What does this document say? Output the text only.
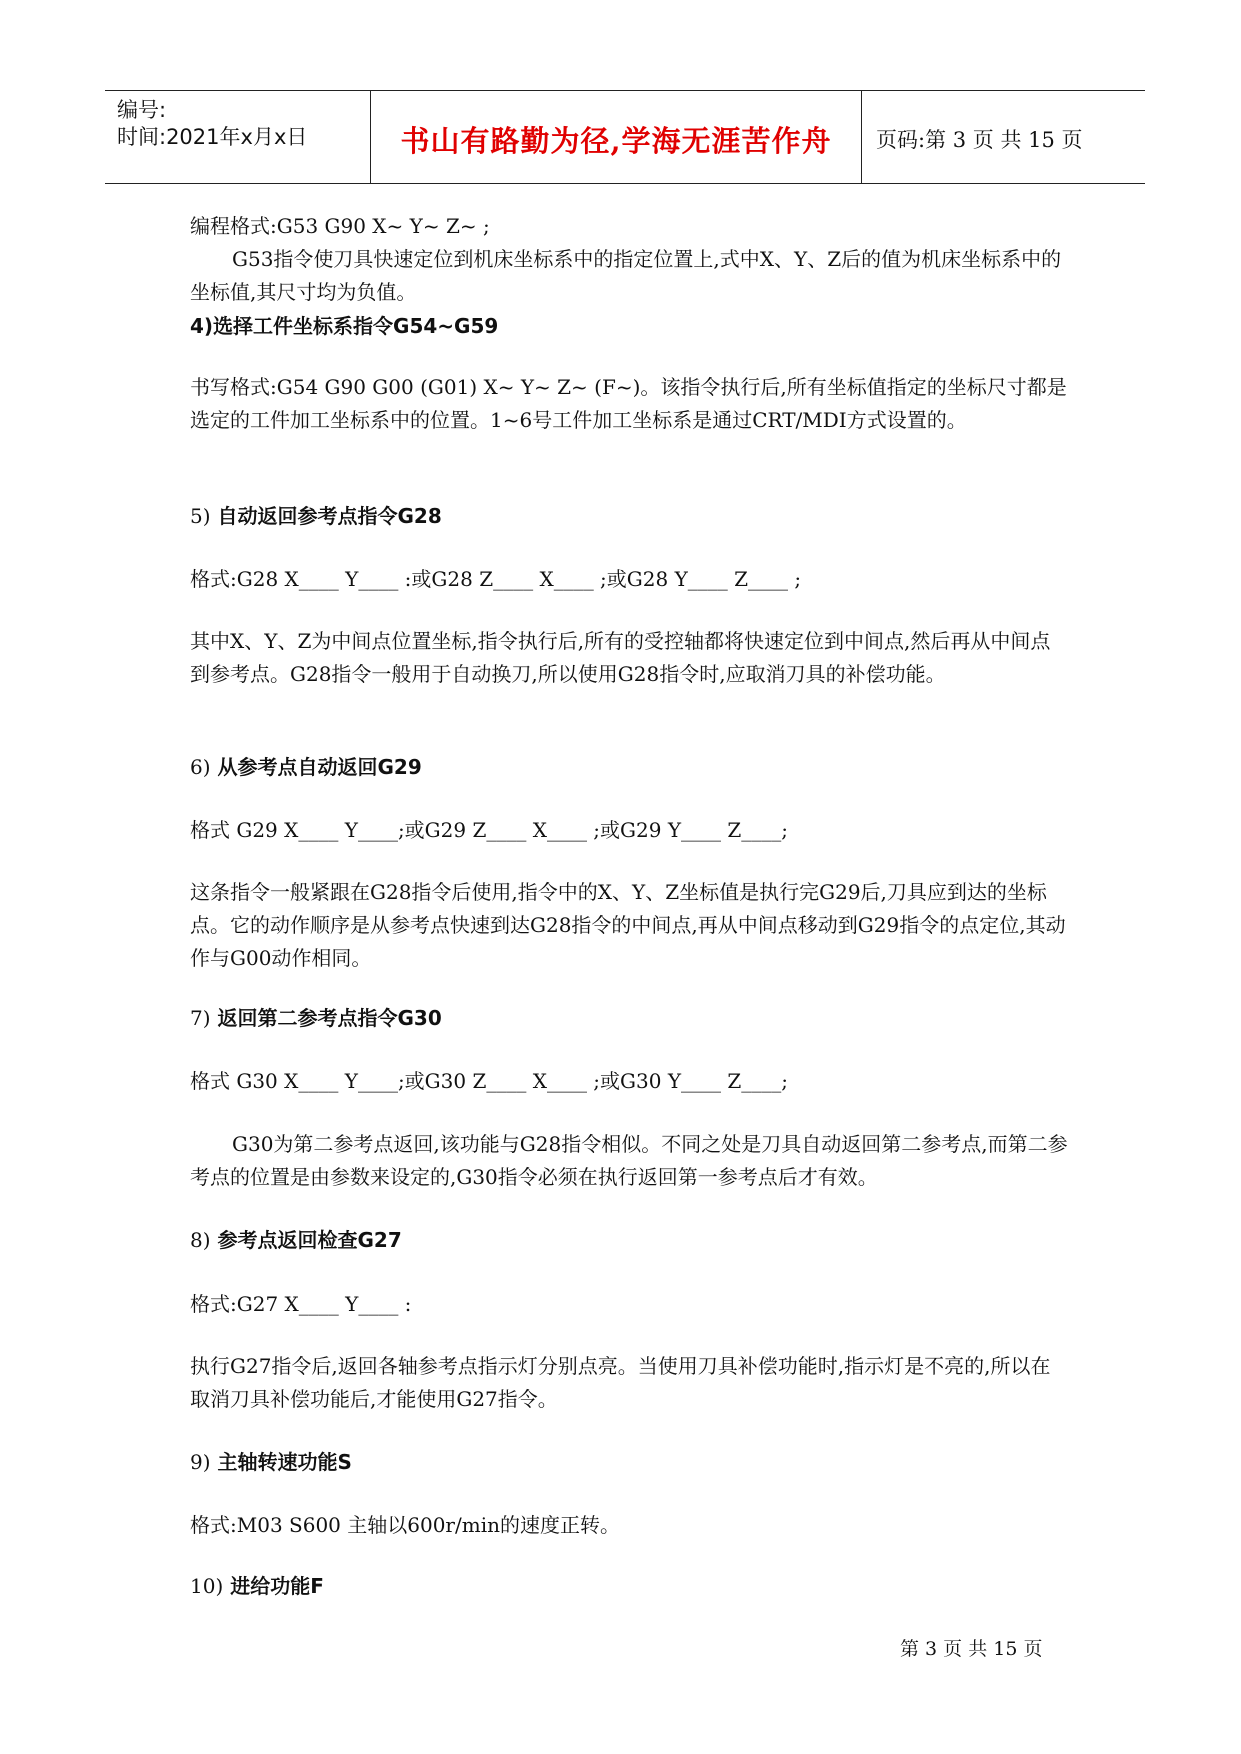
编号:
时间:2021年x月x日	书山有路勤为径,学海无涯苦作舟	页码:第 3 页 共 15 页

编程格式:G53 G90 X~ Y~ Z~ ;

G53指令使刀具快速定位到机床坐标系中的指定位置上,式中X、Y、Z后的值为机床坐标系中的坐标值,其尺寸均为负值。

4)选择工件坐标系指令G54~G59

书写格式:G54 G90 G00 (G01) X~ Y~ Z~ (F~)。该指令执行后,所有坐标值指定的坐标尺寸都是选定的工件加工坐标系中的位置。1~6号工件加工坐标系是通过CRT/MDI方式设置的。

5) 自动返回参考点指令G28

格式:G28 X____ Y____ :或G28 Z____ X____ ;或G28 Y____ Z____ ;

其中X、Y、Z为中间点位置坐标,指令执行后,所有的受控轴都将快速定位到中间点,然后再从中间点到参考点。G28指令一般用于自动换刀,所以使用G28指令时,应取消刀具的补偿功能。

6) 从参考点自动返回G29

格式 G29 X____ Y____;或G29 Z____ X____ ;或G29 Y____ Z____;

这条指令一般紧跟在G28指令后使用,指令中的X、Y、Z坐标值是执行完G29后,刀具应到达的坐标点。它的动作顺序是从参考点快速到达G28指令的中间点,再从中间点移动到G29指令的点定位,其动作与G00动作相同。

7) 返回第二参考点指令G30

格式 G30 X____ Y____;或G30 Z____ X____ ;或G30 Y____ Z____;

G30为第二参考点返回,该功能与G28指令相似。不同之处是刀具自动返回第二参考点,而第二参考点的位置是由参数来设定的,G30指令必须在执行返回第一参考点后才有效。

8) 参考点返回检查G27

格式:G27 X____ Y____ :

执行G27指令后,返回各轴参考点指示灯分别点亮。当使用刀具补偿功能时,指示灯是不亮的,所以在取消刀具补偿功能后,才能使用G27指令。

9) 主轴转速功能S

格式:M03 S600 主轴以600r/min的速度正转。

10) 进给功能F

第 3 页 共 15 页
